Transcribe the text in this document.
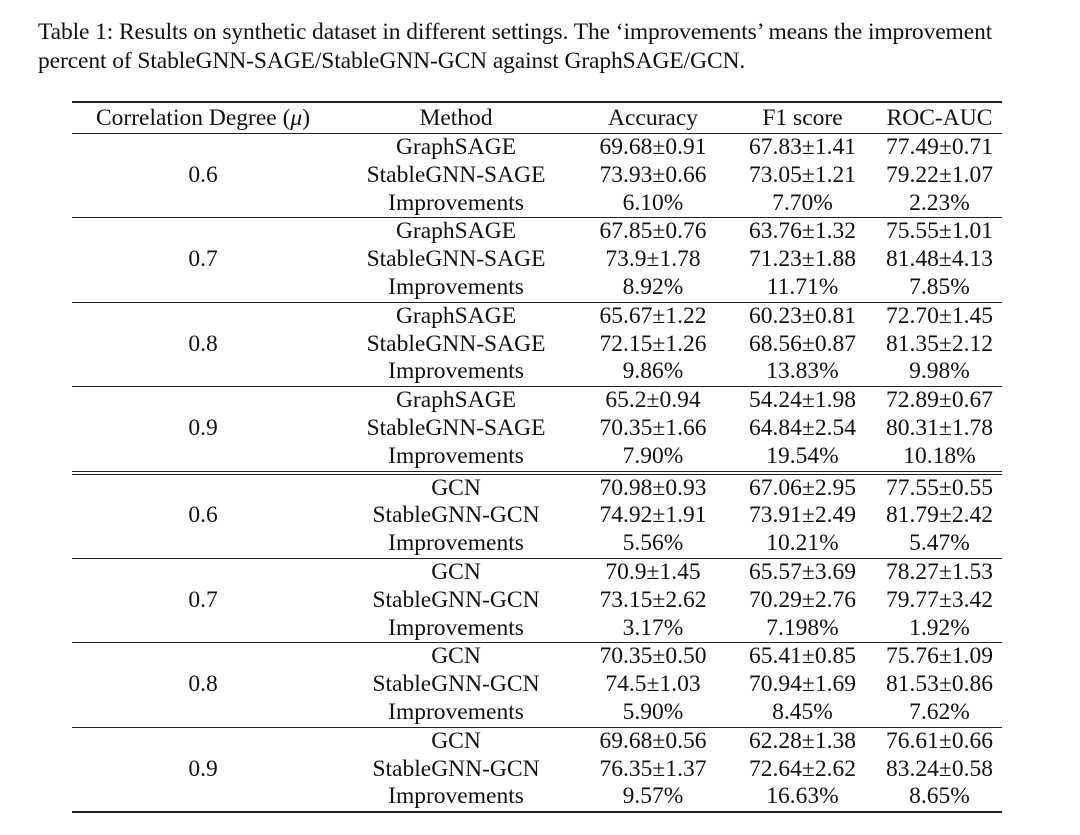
Table 1: Results on synthetic dataset in different settings. The ‘improvements’ means the improvement
percent of StableGNN-SAGE/StableGNN-GCN against GraphSAGE/GCN.
Correlation Degree (μ)	Method	Accuracy	F1 score	ROC-AUC
0.6	GraphSAGE	69.68±0.91	67.83±1.41	77.49±0.71
	StableGNN-SAGE	73.93±0.66	73.05±1.21	79.22±1.07
	Improvements	6.10%	7.70%	2.23%
0.7	GraphSAGE	67.85±0.76	63.76±1.32	75.55±1.01
	StableGNN-SAGE	73.9±1.78	71.23±1.88	81.48±4.13
	Improvements	8.92%	11.71%	7.85%
0.8	GraphSAGE	65.67±1.22	60.23±0.81	72.70±1.45
	StableGNN-SAGE	72.15±1.26	68.56±0.87	81.35±2.12
	Improvements	9.86%	13.83%	9.98%
0.9	GraphSAGE	65.2±0.94	54.24±1.98	72.89±0.67
	StableGNN-SAGE	70.35±1.66	64.84±2.54	80.31±1.78
	Improvements	7.90%	19.54%	10.18%
0.6	GCN	70.98±0.93	67.06±2.95	77.55±0.55
	StableGNN-GCN	74.92±1.91	73.91±2.49	81.79±2.42
	Improvements	5.56%	10.21%	5.47%
0.7	GCN	70.9±1.45	65.57±3.69	78.27±1.53
	StableGNN-GCN	73.15±2.62	70.29±2.76	79.77±3.42
	Improvements	3.17%	7.198%	1.92%
0.8	GCN	70.35±0.50	65.41±0.85	75.76±1.09
	StableGNN-GCN	74.5±1.03	70.94±1.69	81.53±0.86
	Improvements	5.90%	8.45%	7.62%
0.9	GCN	69.68±0.56	62.28±1.38	76.61±0.66
	StableGNN-GCN	76.35±1.37	72.64±2.62	83.24±0.58
	Improvements	9.57%	16.63%	8.65%
